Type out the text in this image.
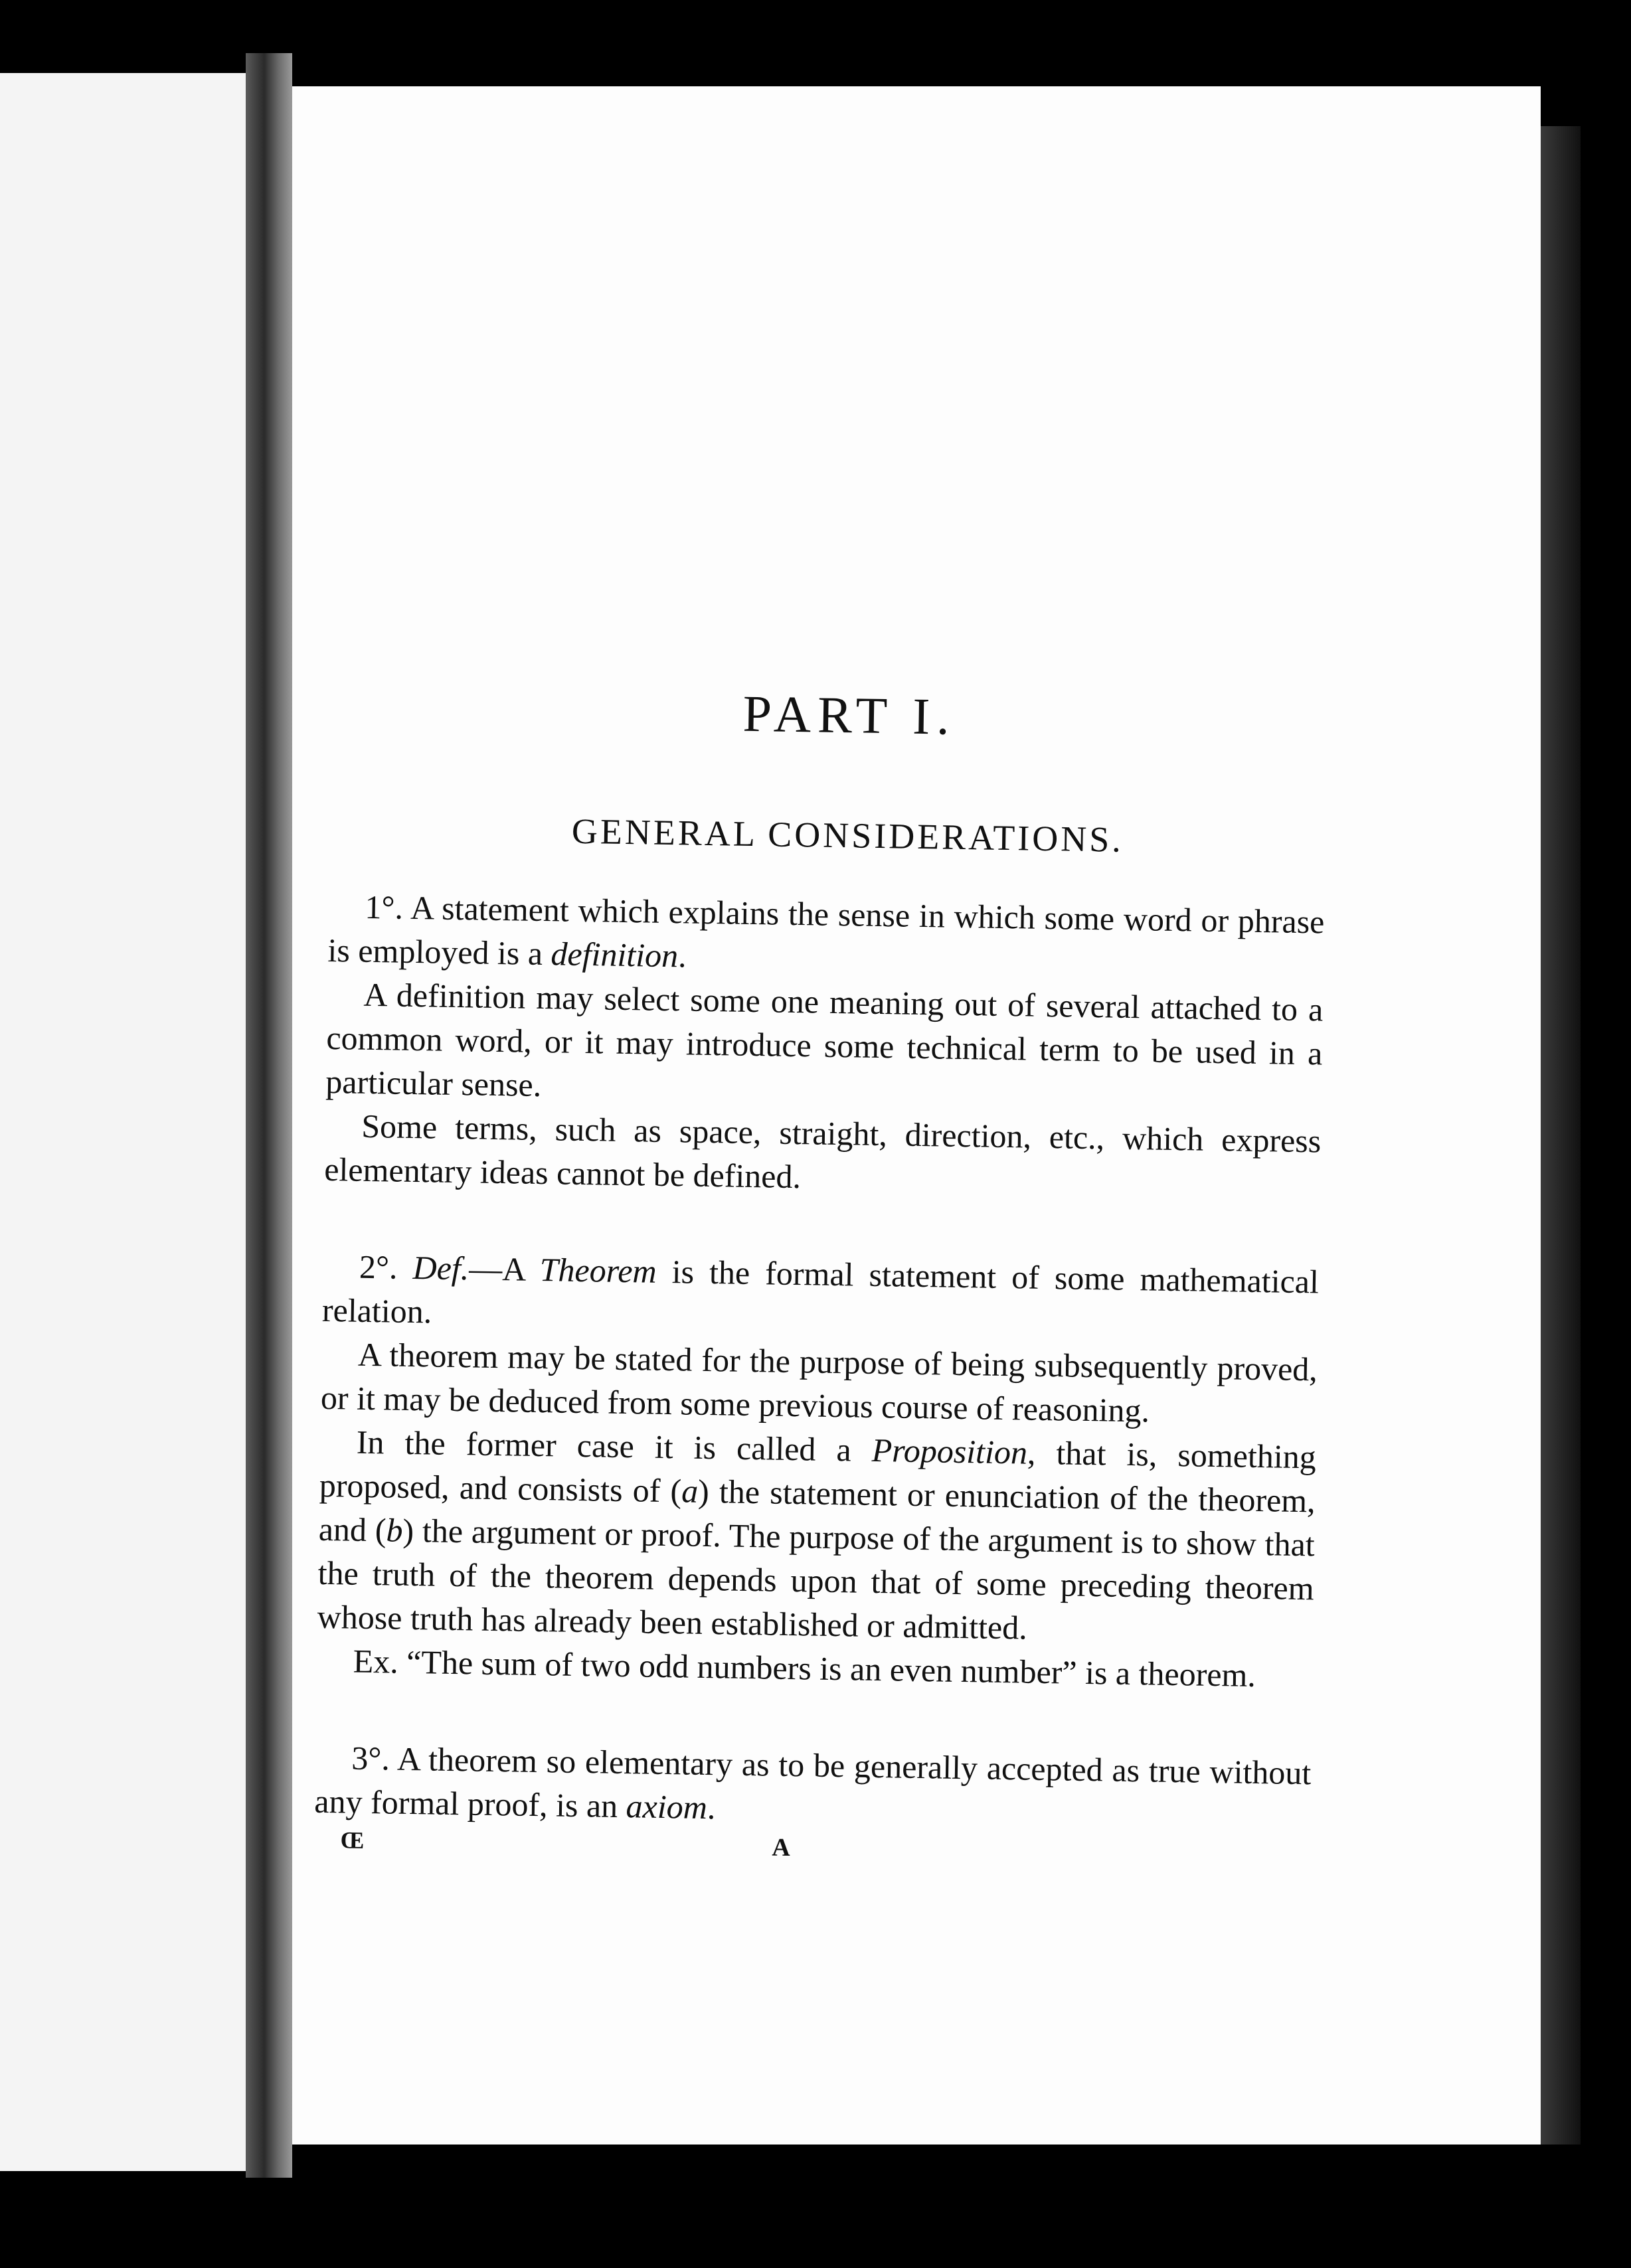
PART I.
GENERAL CONSIDERATIONS.

1°. A statement which explains the sense in which some word or phrase is employed is a definition.

A definition may select some one meaning out of several attached to a common word, or it may introduce some technical term to be used in a particular sense.

Some terms, such as space, straight, direction, etc., which express elementary ideas cannot be defined.

2°. Def.—A Theorem is the formal statement of some mathematical relation.

A theorem may be stated for the purpose of being subsequently proved, or it may be deduced from some previous course of reasoning.

In the former case it is called a Proposition, that is, something proposed, and consists of (a) the statement or enunciation of the theorem, and (b) the argument or proof. The purpose of the argument is to show that the truth of the theorem depends upon that of some preceding theorem whose truth has already been established or admitted.

Ex. “The sum of two odd numbers is an even number” is a theorem.

3°. A theorem so elementary as to be generally accepted as true without any formal proof, is an axiom.

Œ	A
